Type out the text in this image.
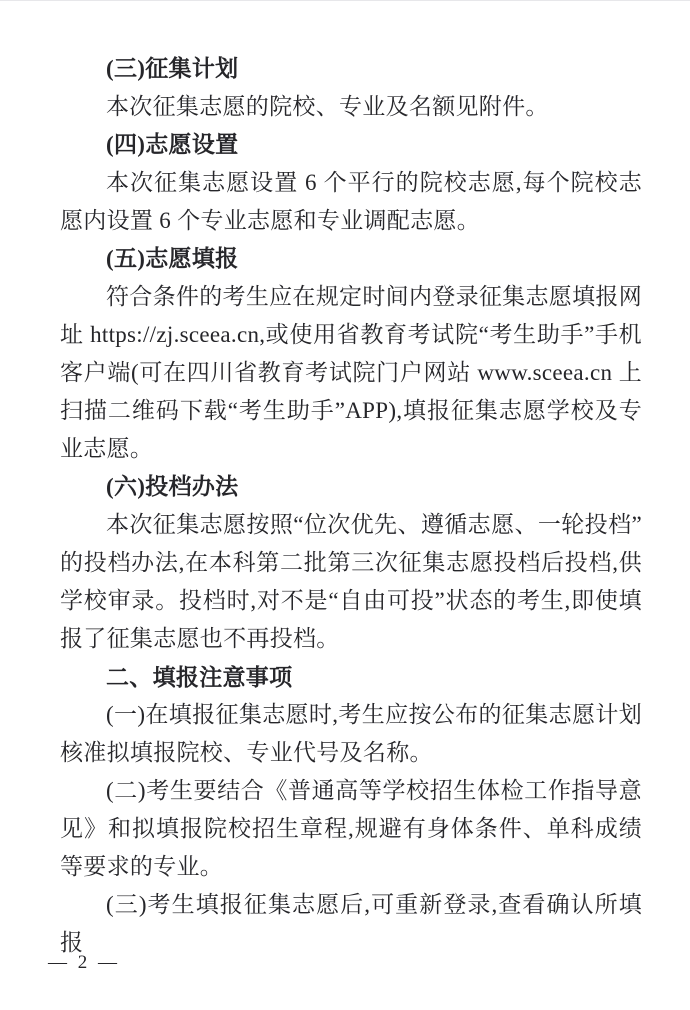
(三)征集计划

本次征集志愿的院校、专业及名额见附件。

(四)志愿设置

本次征集志愿设置 6 个平行的院校志愿,每个院校志愿内设置 6 个专业志愿和专业调配志愿。

(五)志愿填报

符合条件的考生应在规定时间内登录征集志愿填报网址 https://zj.sceea.cn,或使用省教育考试院“考生助手”手机客户端(可在四川省教育考试院门户网站 www.sceea.cn 上扫描二维码下载“考生助手”APP),填报征集志愿学校及专业志愿。

(六)投档办法

本次征集志愿按照“位次优先、遵循志愿、一轮投档”的投档办法,在本科第二批第三次征集志愿投档后投档,供学校审录。投档时,对不是“自由可投”状态的考生,即使填报了征集志愿也不再投档。

二、填报注意事项

(一)在填报征集志愿时,考生应按公布的征集志愿计划核准拟填报院校、专业代号及名称。

(二)考生要结合《普通高等学校招生体检工作指导意见》和拟填报院校招生章程,规避有身体条件、单科成绩等要求的专业。

(三)考生填报征集志愿后,可重新登录,查看确认所填报

— 2 —
